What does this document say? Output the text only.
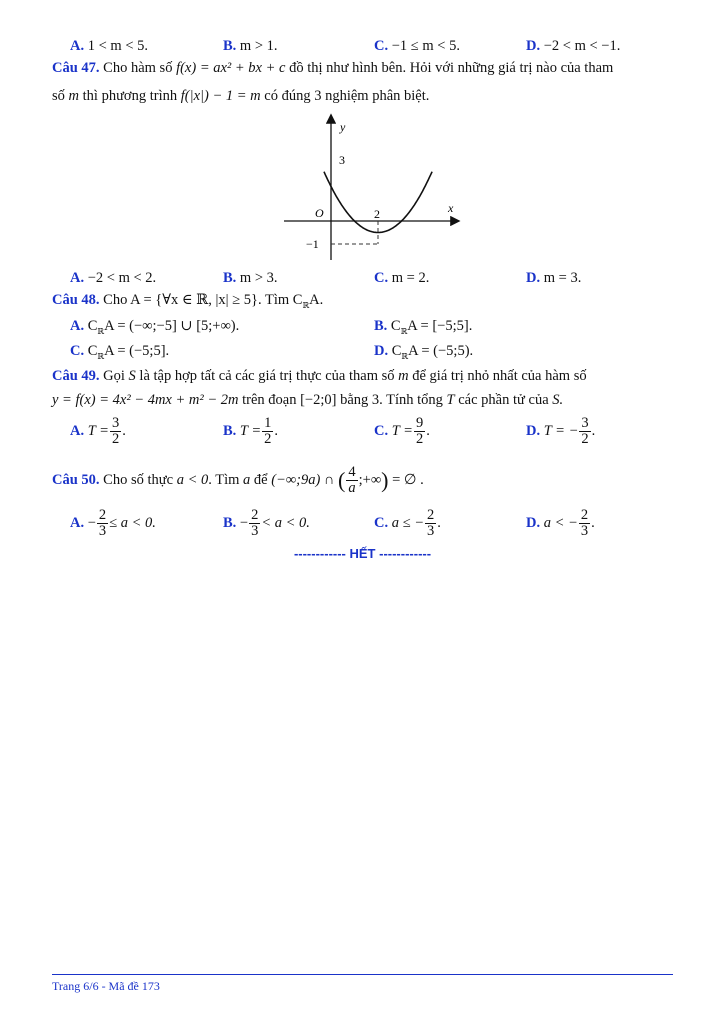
A. 1 < m < 5.	B. m > 1.	C. −1 ≤ m < 5.	D. −2 < m < −1.
Câu 47. Cho hàm số f(x) = ax² + bx + c đồ thị như hình bên. Hỏi với những giá trị nào của tham
số m thì phương trình f(|x|) − 1 = m có đúng 3 nghiệm phân biệt.
y
x
O
3
2
−1
A. −2 < m < 2.	B. m > 3.	C. m = 2.	D. m = 3.
Câu 48. Cho A = {∀x ∈ ℝ, |x| ≥ 5}. Tìm $C_ℝA$.
A. $C_ℝA$ = (−∞;−5] ∪ [5;+∞).	B. $C_ℝA$ = [−5;5].
C. $C_ℝA$ = (−5;5].	D. $C_ℝA$ = (−5;5).
Câu 49. Gọi S là tập hợp tất cả các giá trị thực của tham số m để giá trị nhỏ nhất của hàm số
y = f(x) = 4x² − 4mx + m² − 2m trên đoạn [−2;0] bằng 3. Tính tổng T các phần tử của S.
A. $T = \frac{3}{2}$ .	B. $T = \frac{1}{2}$ .	C. $T = \frac{9}{2}$ .	D. T = − $\frac{3}{2}$ .
Câu 50. Cho số thực a < 0. Tìm a để (−∞;9a) ∩ ( $\frac{4}{a}$ ;+∞) = ∅ .
A. − $\frac{2}{3} \le a < 0$.	B. − $\frac{2}{3} < a < 0$.	C. a ≤ − $\frac{2}{3}$ .	D. a < − $\frac{2}{3}$ .
------------ HẾT ------------
Trang 6/6 - Mã đề 173
